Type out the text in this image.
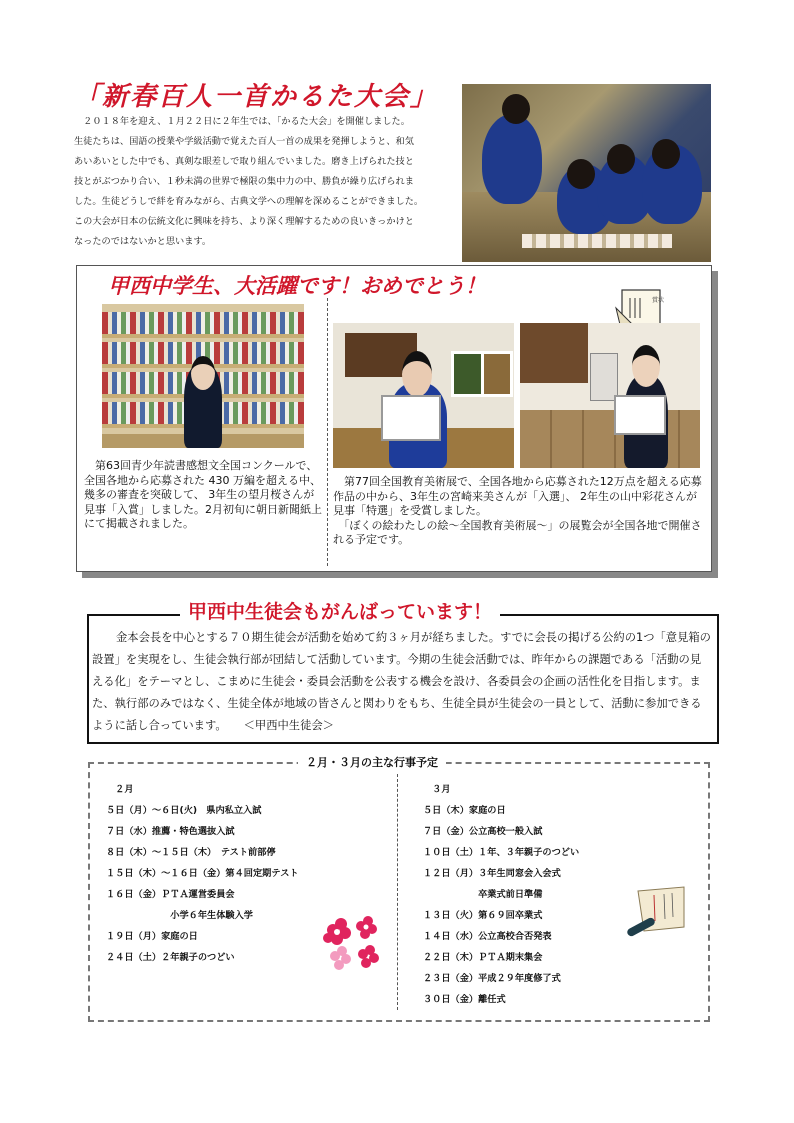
「新春百人一首かるた大会」

　２０１８年を迎え、１月２２日に２年生では、「かるた大会」を開催しました。

生徒たちは、国語の授業や学級活動で覚えた百人一首の成果を発揮しようと、和気

あいあいとした中でも、真剣な眼差しで取り組んでいました。磨き上げられた技と

技とがぶつかり合い、１秒未満の世界で極限の集中力の中、勝負が繰り広げられま

した。生徒どうしで絆を育みながら、古典文学への理解を深めることができました。

この大会が日本の伝統文化に興味を持ち、より深く理解するための良いきっかけと

なったのではないかと思います。

甲西中学生、大活躍です！おめでとう！
賞状
　第63回青少年読書感想文全国コンクールで、全国各地から応募された 430 万編を超える中、幾多の審査を突破して、 3年生の望月桜さんが見事「入賞」しました。2月初旬に朝日新聞紙上にて掲載されました。

　第77回全国教育美術展で、全国各地から応募された12万点を超える応募作品の中から、3年生の宮崎来美さんが「入選」、 2年生の山中彩花さんが見事「特選」を受賞しました。

　「ぼくの絵わたしの絵～全国教育美術展～」の展覧会が全国各地で開催される予定です。

甲西中生徒会もがんばっています！
金本会長を中心とする７０期生徒会が活動を始めて約３ヶ月が経ちました。すでに会長の掲げる公約の1つ「意見箱の設置」を実現をし、生徒会執行部が団結して活動しています。今期の生徒会活動では、昨年からの課題である「活動の見える化」をテーマとし、こまめに生徒会・委員会活動を公表する機会を設け、各委員会の企画の活性化を目指します。また、執行部のみではなく、生徒全体が地域の皆さんと関わりをもち、生徒全員が生徒会の一員として、活動に参加できるように話し合っています。　　＜甲西中生徒会＞
２月・３月の主な行事予定
　２月
５日（月）～６日(火)　県内私立入試
７日（水）推薦・特色選抜入試
８日（木）～１５日（木）　テスト前部停
１５日（木）～１６日（金）第４回定期テスト
１６日（金）ＰＴＡ運営委員会
　　　　　　　小学６年生体験入学
１９日（月）家庭の日
２４日（土）２年親子のつどい
　３月
５日（木）家庭の日
７日（金）公立高校一般入試
１０日（土）１年、３年親子のつどい
１２日（月）３年生同窓会入会式
　　　　　　卒業式前日準備
１３日（火）第６９回卒業式
１４日（水）公立高校合否発表
２２日（木）ＰＴＡ期末集会
２３日（金）平成２９年度修了式
３０日（金）離任式
